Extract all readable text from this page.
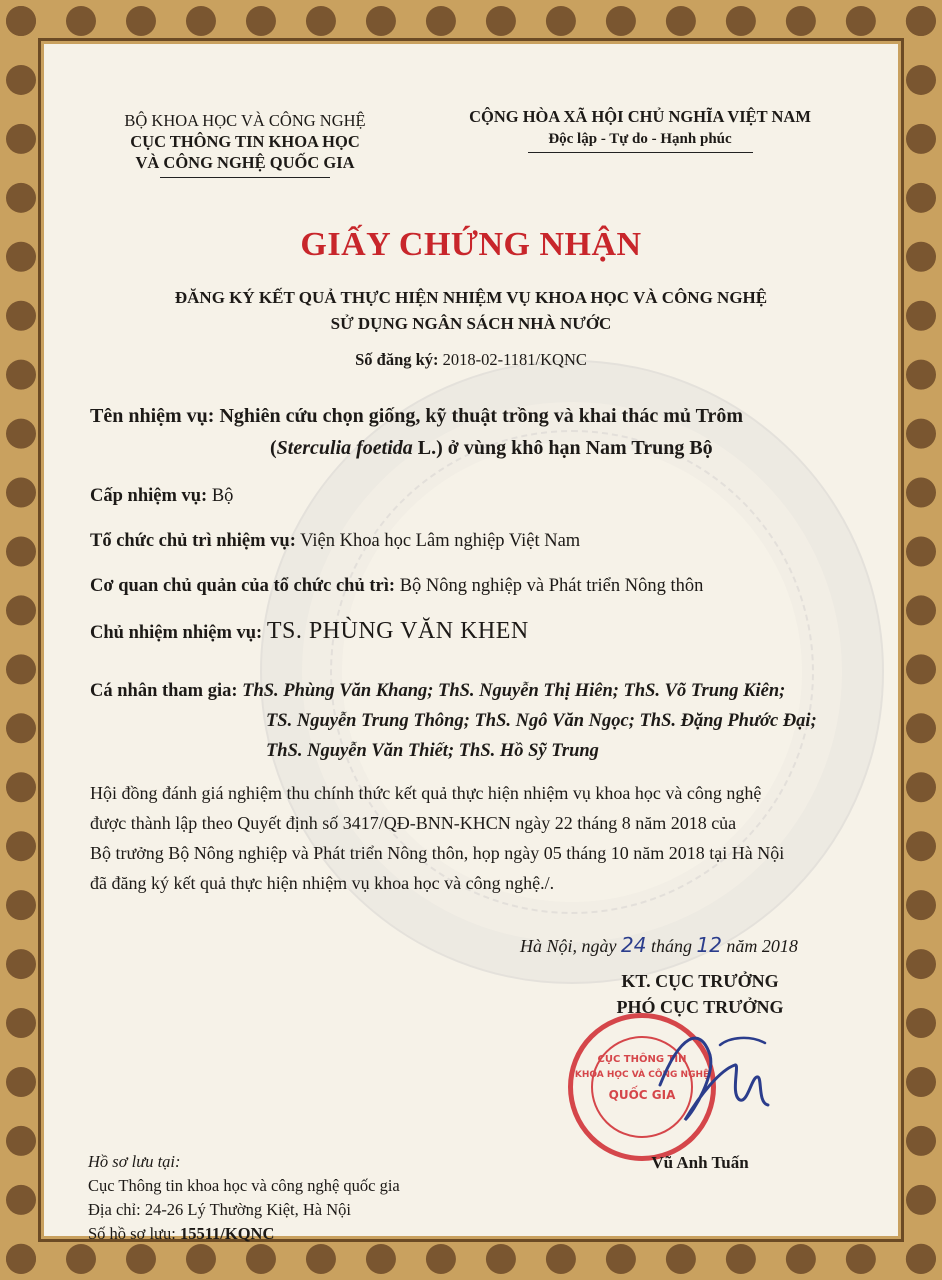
BỘ KHOA HỌC VÀ CÔNG NGHỆ
CỤC THÔNG TIN KHOA HỌC
VÀ CÔNG NGHỆ QUỐC GIA
CỘNG HÒA XÃ HỘI CHỦ NGHĨA VIỆT NAM
Độc lập - Tự do - Hạnh phúc
GIẤY CHỨNG NHẬN
ĐĂNG KÝ KẾT QUẢ THỰC HIỆN NHIỆM VỤ KHOA HỌC VÀ CÔNG NGHỆ
SỬ DỤNG NGÂN SÁCH NHÀ NƯỚC
Số đăng ký: 2018-02-1181/KQNC
Tên nhiệm vụ: Nghiên cứu chọn giống, kỹ thuật trồng và khai thác mủ Trôm
(Sterculia foetida L.) ở vùng khô hạn Nam Trung Bộ
Cấp nhiệm vụ: Bộ
Tổ chức chủ trì nhiệm vụ: Viện Khoa học Lâm nghiệp Việt Nam
Cơ quan chủ quản của tổ chức chủ trì: Bộ Nông nghiệp và Phát triển Nông thôn
Chủ nhiệm nhiệm vụ: TS. PHÙNG VĂN KHEN
Cá nhân tham gia: ThS. Phùng Văn Khang; ThS. Nguyễn Thị Hiên; ThS. Võ Trung Kiên;
TS. Nguyễn Trung Thông; ThS. Ngô Văn Ngọc; ThS. Đặng Phước Đại;
ThS. Nguyễn Văn Thiết; ThS. Hồ Sỹ Trung
Hội đồng đánh giá nghiệm thu chính thức kết quả thực hiện nhiệm vụ khoa học và công nghệ
được thành lập theo Quyết định số 3417/QĐ-BNN-KHCN ngày 22 tháng 8 năm 2018 của
Bộ trưởng Bộ Nông nghiệp và Phát triển Nông thôn, họp ngày 05 tháng 10 năm 2018 tại Hà Nội
đã đăng ký kết quả thực hiện nhiệm vụ khoa học và công nghệ./.
Hà Nội, ngày 24 tháng 12 năm 2018
KT. CỤC TRƯỞNG
PHÓ CỤC TRƯỞNG
CỤC THÔNG TIN
KHOA HỌC VÀ CÔNG NGHỆ
QUỐC GIA
Vũ Anh Tuấn
Hồ sơ lưu tại:
Cục Thông tin khoa học và công nghệ quốc gia
Địa chỉ: 24-26 Lý Thường Kiệt, Hà Nội
Số hồ sơ lưu: 15511/KQNC
